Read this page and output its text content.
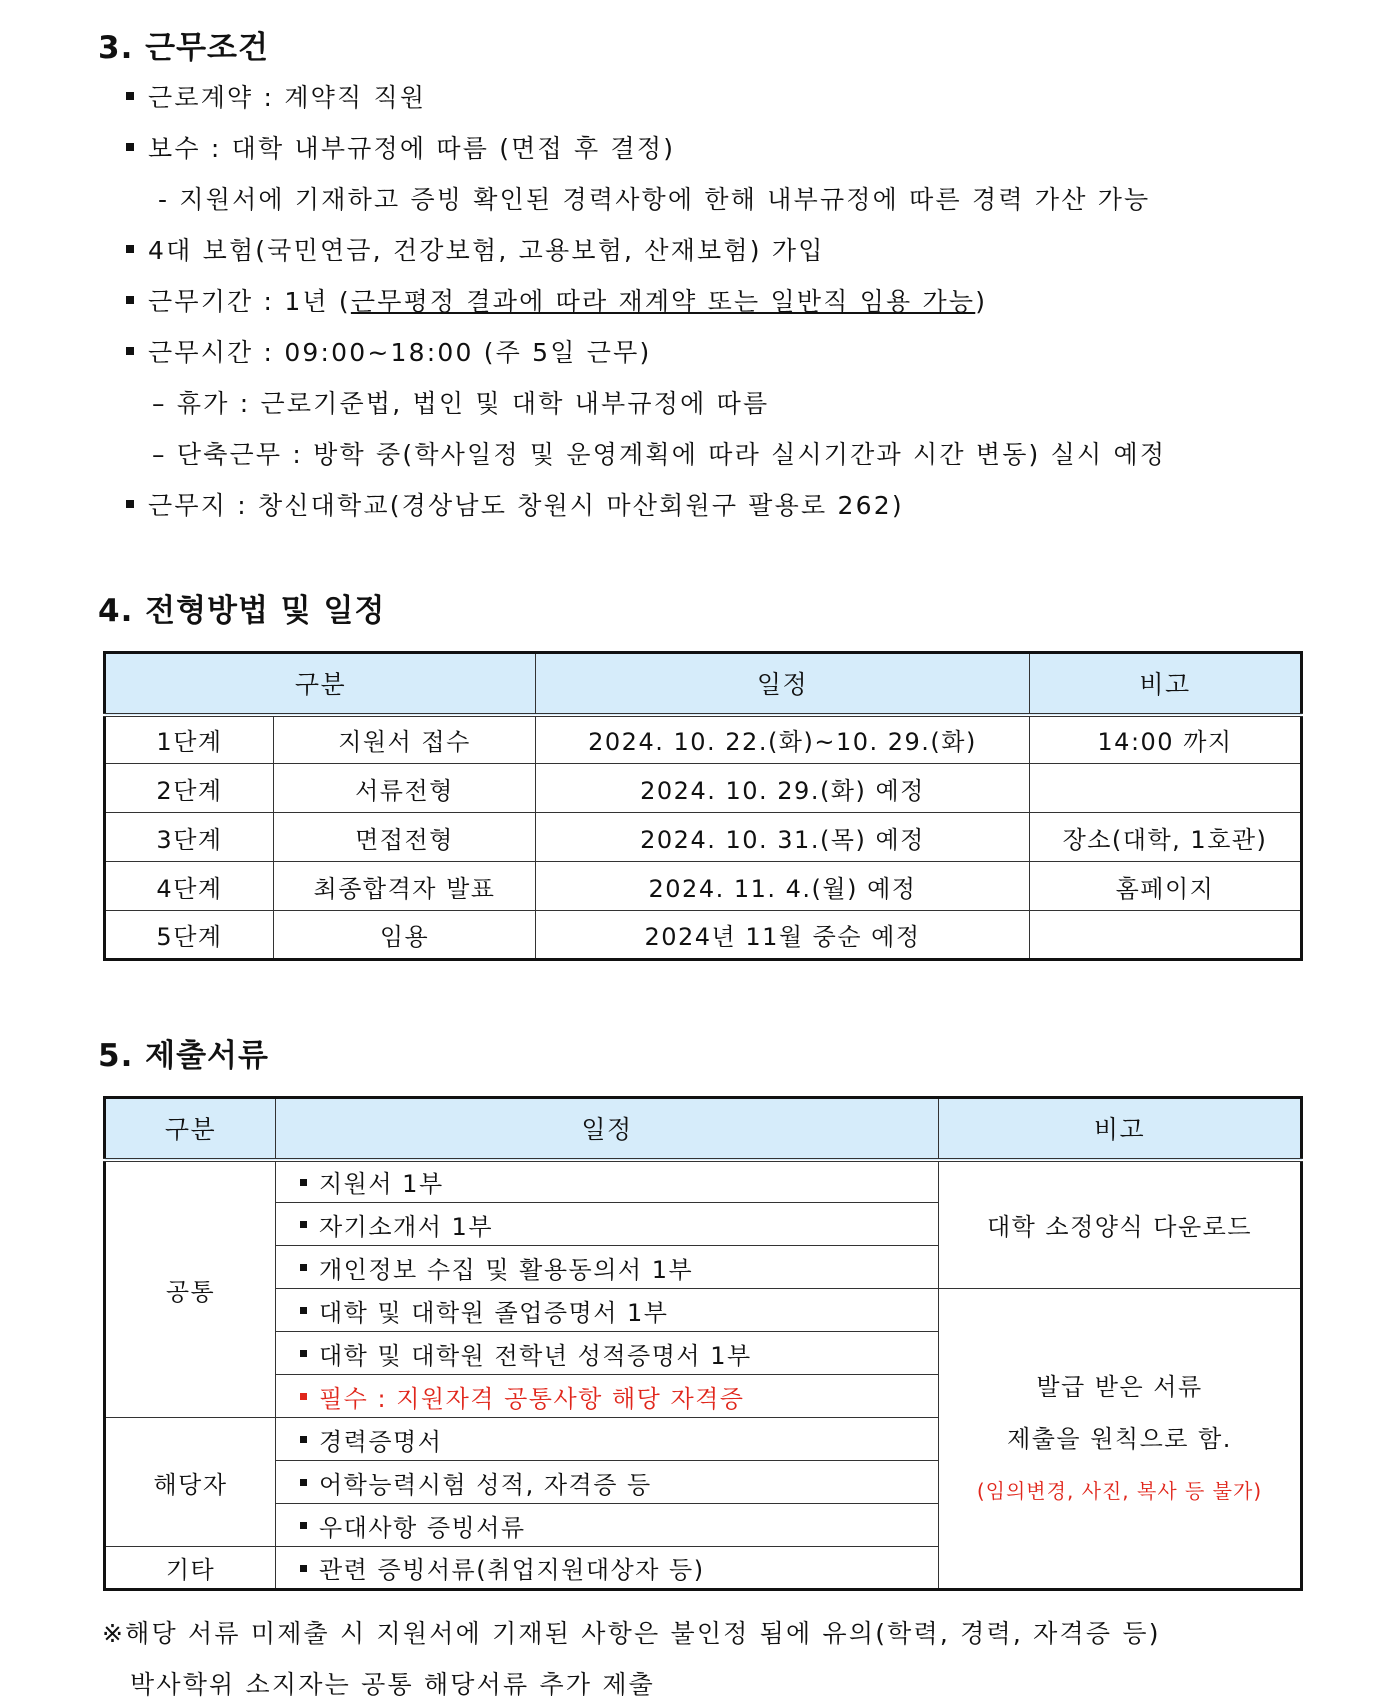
3. 근무조건
근로계약 : 계약직 직원
보수 : 대학 내부규정에 따름 (면접 후 결정)
- 지원서에 기재하고 증빙 확인된 경력사항에 한해 내부규정에 따른 경력 가산 가능
4대 보험(국민연금, 건강보험, 고용보험, 산재보험) 가입
근무기간 : 1년 (근무평정 결과에 따라 재계약 또는 일반직 임용 가능)
근무시간 : 09:00~18:00 (주 5일 근무)
– 휴가 : 근로기준법, 법인 및 대학 내부규정에 따름
– 단축근무 : 방학 중(학사일정 및 운영계획에 따라 실시기간과 시간 변동) 실시 예정
근무지 : 창신대학교(경상남도 창원시 마산회원구 팔용로 262)
4. 전형방법 및 일정
구분		일정	비고
1단계	지원서 접수	2024. 10. 22.(화)~10. 29.(화)	14:00 까지
2단계	서류전형	2024. 10. 29.(화) 예정	
3단계	면접전형	2024. 10. 31.(목) 예정	장소(대학, 1호관)
4단계	최종합격자 발표	2024. 11. 4.(월) 예정	홈페이지
5단계	임용	2024년 11월 중순 예정	
5. 제출서류
구분	일정	비고
공통	지원서 1부	대학 소정양식 다운로드
	자기소개서 1부	
	개인정보 수집 및 활용동의서 1부	
	대학 및 대학원 졸업증명서 1부	발급 받은 서류
제출을 원칙으로 함.
(임의변경, 사진, 복사 등 불가)

	대학 및 대학원 전학년 성적증명서 1부	
	필수 : 지원자격 공통사항 해당 자격증	
해당자	경력증명서	
	어학능력시험 성적, 자격증 등	
	우대사항 증빙서류	
기타	관련 증빙서류(취업지원대상자 등)	
※해당 서류 미제출 시 지원서에 기재된 사항은 불인정 됨에 유의(학력, 경력, 자격증 등)
박사학위 소지자는 공통 해당서류 추가 제출
